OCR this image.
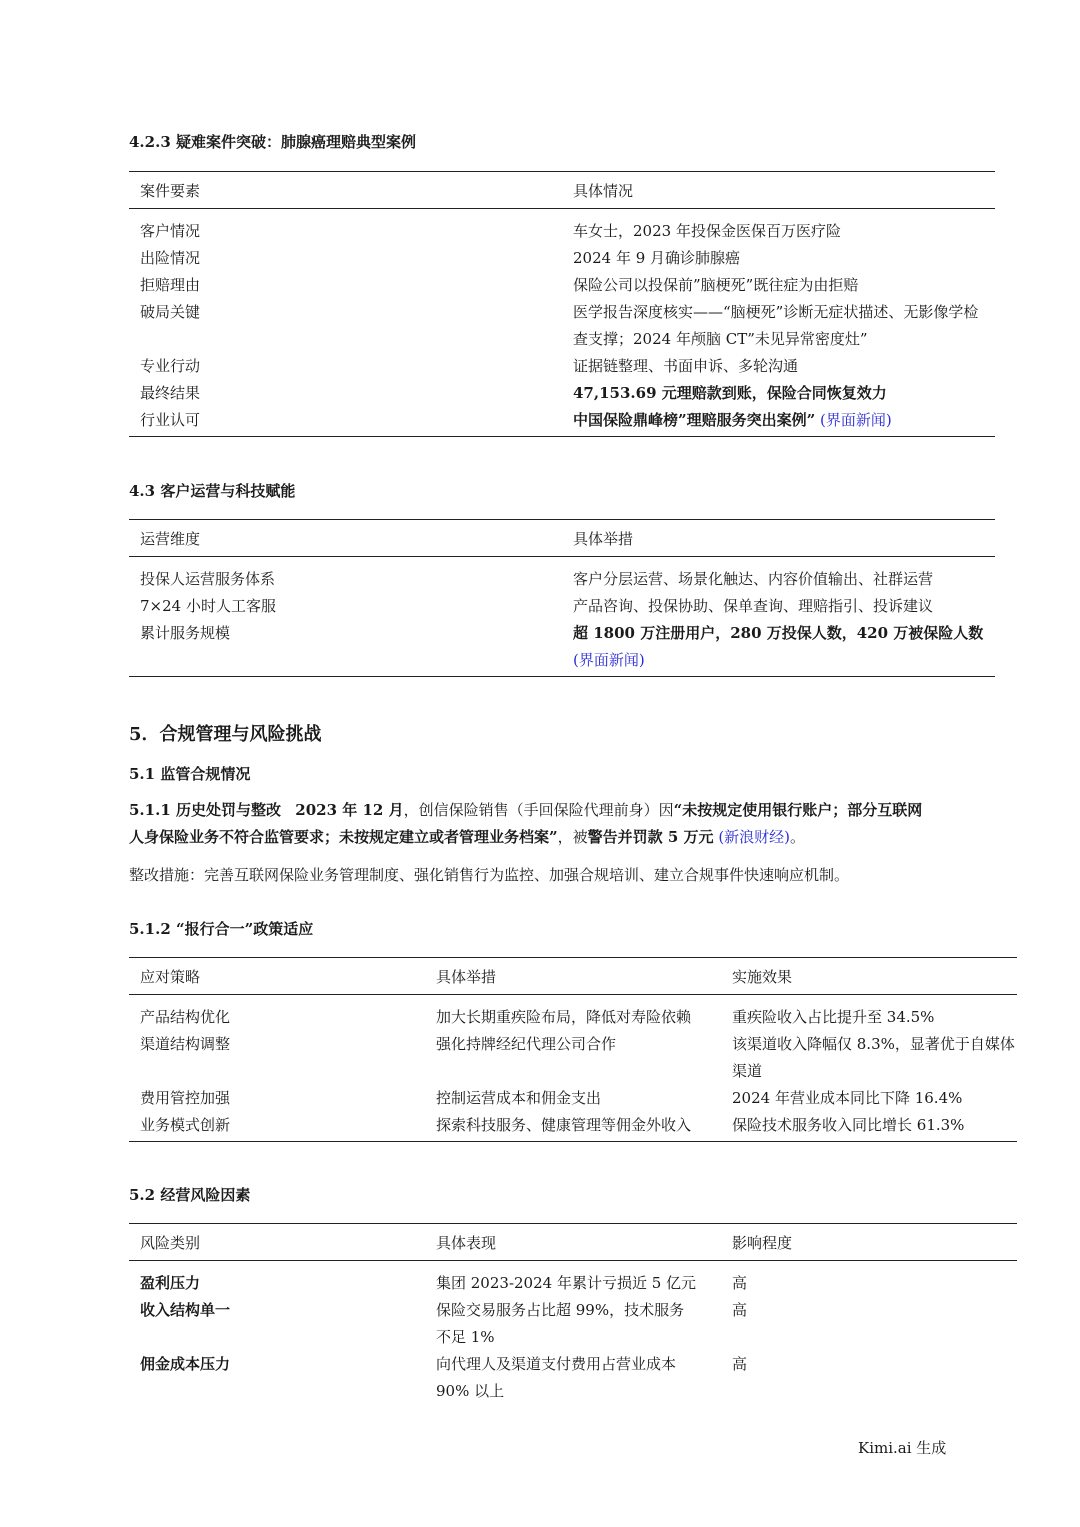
4.2.3 疑难案件突破：肺腺癌理赔典型案例
案件要素	具体情况
客户情况	车女士，2023 年投保金医保百万医疗险
出险情况	2024 年 9 月确诊肺腺癌
拒赔理由	保险公司以投保前”脑梗死”既往症为由拒赔
破局关键	医学报告深度核实——“脑梗死”诊断无症状描述、无影像学检查支撑；2024 年颅脑 CT”未见异常密度灶”
专业行动	证据链整理、书面申诉、多轮沟通
最终结果	47,153.69 元理赔款到账，保险合同恢复效力
行业认可	中国保险鼎峰榜”理赔服务突出案例” (界面新闻)
4.3 客户运营与科技赋能
运营维度	具体举措
投保人运营服务体系	客户分层运营、场景化触达、内容价值输出、社群运营
7×24 小时人工客服	产品咨询、投保协助、保单查询、理赔指引、投诉建议
累计服务规模	超 1800 万注册用户，280 万投保人数，420 万被保险人数 (界面新闻)
5．合规管理与风险挑战
5.1 监管合规情况
5.1.1 历史处罚与整改 2023 年 12 月，创信保险销售（手回保险代理前身）因“未按规定使用银行账户；部分互联网
人身保险业务不符合监管要求；未按规定建立或者管理业务档案”，被警告并罚款 5 万元 (新浪财经)。
整改措施：完善互联网保险业务管理制度、强化销售行为监控、加强合规培训、建立合规事件快速响应机制。
5.1.2 “报行合一”政策适应
应对策略	具体举措	实施效果
产品结构优化	加大长期重疾险布局，降低对寿险依赖	重疾险收入占比提升至 34.5%
渠道结构调整	强化持牌经纪代理公司合作	该渠道收入降幅仅 8.3%，显著优于自媒体渠道
费用管控加强	控制运营成本和佣金支出	2024 年营业成本同比下降 16.4%
业务模式创新	探索科技服务、健康管理等佣金外收入	保险技术服务收入同比增长 61.3%
5.2 经营风险因素
风险类别	具体表现	影响程度
盈利压力	集团 2023-2024 年累计亏损近 5 亿元	高
收入结构单一	保险交易服务占比超 99%，技术服务不足 1%	高
佣金成本压力	向代理人及渠道支付费用占营业成本 90% 以上	高
Kimi.ai 生成
